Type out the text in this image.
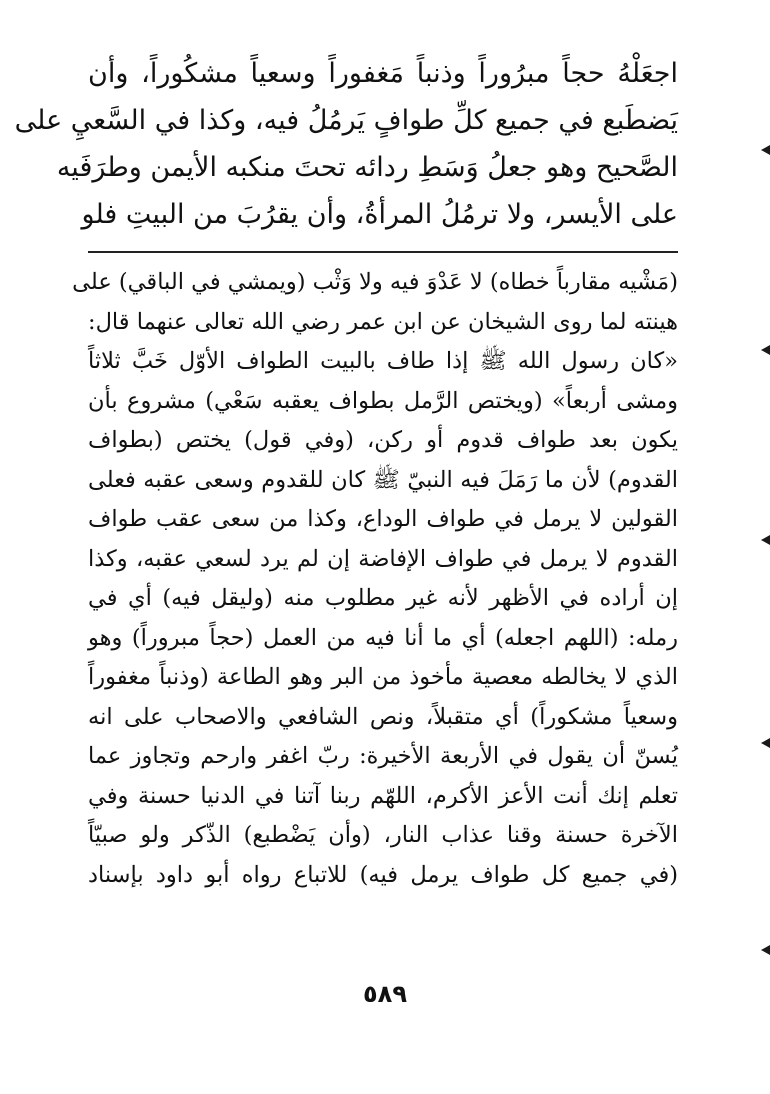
اجعَلْهُ حجاً مبرُوراً وذنباً مَغفوراً وسعياً مشكُوراً، وأن
يَضطَبع في جميع كلِّ طوافٍ يَرمُلُ فيه، وكذا في السَّعيِ على
الصَّحيح وهو جعلُ وَسَطِ ردائه تحتَ منكبه الأيمن وطرَفَيه
على الأيسر، ولا ترمُلُ المرأةُ، وأن يقرُبَ من البيتِ فلو
(مَشْيه مقارباً خطاه) لا عَدْوَ فيه ولا وَثْب (ويمشي في الباقي) على
هينته لما روى الشيخان عن ابن عمر رضي الله تعالى عنهما قال:
«كان رسول الله ﷺ إذا طاف بالبيت الطواف الأوّل خَبَّ ثلاثاً
ومشى أربعاً» (ويختص الرَّمل بطواف يعقبه سَعْي) مشروع بأن
يكون بعد طواف قدوم أو ركن، (وفي قول) يختص (بطواف
القدوم) لأن ما رَمَلَ فيه النبيّ ﷺ كان للقدوم وسعى عقبه فعلى
القولين لا يرمل في طواف الوداع، وكذا من سعى عقب طواف
القدوم لا يرمل في طواف الإفاضة إن لم يرد لسعي عقبه، وكذا
إن أراده في الأظهر لأنه غير مطلوب منه (وليقل فيه) أي في
رمله: (اللهم اجعله) أي ما أنا فيه من العمل (حجاً مبروراً) وهو
الذي لا يخالطه معصية مأخوذ من البر وهو الطاعة (وذنباً مغفوراً
وسعياً مشكوراً) أي متقبلاً، ونص الشافعي والاصحاب على انه
يُسنّ أن يقول في الأربعة الأخيرة: ربّ اغفر وارحم وتجاوز عما
تعلم إنك أنت الأعز الأكرم، اللهّم ربنا آتنا في الدنيا حسنة وفي
الآخرة حسنة وقنا عذاب النار، (وأن يَضْطبع) الذّكر ولو صبيّاً
(في جميع كل طواف يرمل فيه) للاتباع رواه أبو داود بإسناد
٥٨٩
